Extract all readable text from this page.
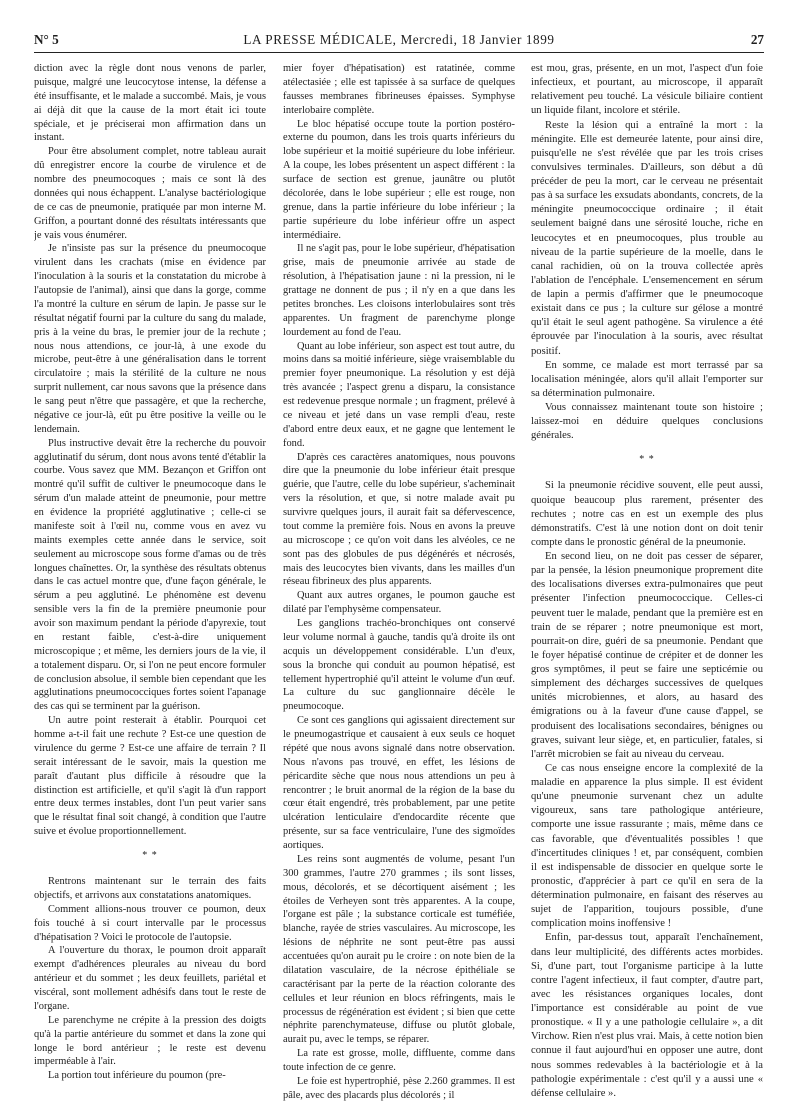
N° 5	LA PRESSE MÉDICALE, Mercredi, 18 Janvier 1899	27

diction avec la règle dont nous venons de parler, puisque, malgré une leucocytose intense, la défense a été insuffisante, et le malade a succombé. Mais, je vous ai déjà dit que la cause de la mort était ici toute spéciale, et je préciserai mon affirmation dans un instant.

Pour être absolument complet, notre tableau aurait dû enregistrer encore la courbe de virulence et de nombre des pneumocoques ; mais ce sont là des données qui nous échappent. L'analyse bactériologique de ce cas de pneumonie, pratiquée par mon interne M. Griffon, a pourtant donné des résultats intéressants que je vais vous énumérer.

Je n'insiste pas sur la présence du pneumocoque virulent dans les crachats (mise en évidence par l'inoculation à la souris et la constatation du microbe à l'autopsie de l'animal), ainsi que dans la gorge, comme l'a montré la culture en sérum de lapin. Je passe sur le résultat négatif fourni par la culture du sang du malade, pris à la veine du bras, le premier jour de la rechute ; nous nous attendions, ce jour-là, à une exode du microbe, peut-être à une généralisation dans le torrent circulatoire ; mais la stérilité de la culture ne nous surprit nullement, car nous savons que la présence dans le sang peut n'être que passagère, et que la recherche, négative ce jour-là, eût pu être positive la veille ou le lendemain.

Plus instructive devait être la recherche du pouvoir agglutinatif du sérum, dont nous avons tenté d'établir la courbe. Vous savez que MM. Bezançon et Griffon ont montré qu'il suffit de cultiver le pneumocoque dans le sérum d'un malade atteint de pneumonie, pour mettre en évidence la propriété agglutinative ; celle-ci se manifeste soit à l'œil nu, comme vous en avez vu maints exemples cette année dans le service, soit seulement au microscope sous forme d'amas ou de très longues chaînettes. Or, la synthèse des résultats obtenus dans le cas actuel montre que, d'une façon générale, le sérum a peu agglutiné. Le phénomène est devenu sensible vers la fin de la première pneumonie pour avoir son maximum pendant la période d'apyrexie, tout en restant faible, c'est-à-dire uniquement microscopique ; et même, les derniers jours de la vie, il a totalement disparu. Or, si l'on ne peut encore formuler de conclusion absolue, il semble bien cependant que les agglutinations pneumococciques fortes soient l'apanage des cas qui se terminent par la guérison.

Un autre point resterait à établir. Pourquoi cet homme a-t-il fait une rechute ? Est-ce une question de virulence du germe ? Est-ce une affaire de terrain ? Il serait intéressant de le savoir, mais la question me paraît d'autant plus difficile à résoudre que la distinction est artificielle, et qu'il s'agit là d'un rapport entre deux termes instables, dont l'un peut varier sans que le résultat final soit changé, à condition que l'autre suive et évolue proportionnellement.

* *

Rentrons maintenant sur le terrain des faits objectifs, et arrivons aux constatations anatomiques.

Comment allions-nous trouver ce poumon, deux fois touché à si court intervalle par le processus d'hépatisation ? Voici le protocole de l'autopsie.

A l'ouverture du thorax, le poumon droit apparaît exempt d'adhérences pleurales au niveau du bord antérieur et du sommet ; les deux feuillets, pariétal et viscéral, sont mollement adhésifs dans tout le reste de l'organe.

Le parenchyme ne crépite à la pression des doigts qu'à la partie antérieure du sommet et dans la zone qui longe le bord antérieur ; le reste est devenu imperméable à l'air.

La portion tout inférieure du poumon (pre-

mier foyer d'hépatisation) est ratatinée, comme atélectasiée ; elle est tapissée à sa surface de quelques fausses membranes fibrineuses épaisses. Symphyse interlobaire complète.

Le bloc hépatisé occupe toute la portion postéro-externe du poumon, dans les trois quarts inférieurs du lobe supérieur et la moitié supérieure du lobe inférieur. A la coupe, les lobes présentent un aspect différent : la surface de section est grenue, jaunâtre ou plutôt décolorée, dans le lobe supérieur ; elle est rouge, non grenue, dans la partie inférieure du lobe inférieur ; la partie supérieure du lobe inférieur offre un aspect intermédiaire.

Il ne s'agit pas, pour le lobe supérieur, d'hépatisation grise, mais de pneumonie arrivée au stade de résolution, à l'hépatisation jaune : ni la pression, ni le grattage ne donnent de pus ; il n'y en a que dans les petites bronches. Les cloisons interlobulaires sont très apparentes. Un fragment de parenchyme plonge lourdement au fond de l'eau.

Quant au lobe inférieur, son aspect est tout autre, du moins dans sa moitié inférieure, siège vraisemblable du premier foyer pneumonique. La résolution y est déjà très avancée ; l'aspect grenu a disparu, la consistance est redevenue presque normale ; un fragment, prélevé à ce niveau et jeté dans un vase rempli d'eau, reste d'abord entre deux eaux, et ne gagne que lentement le fond.

D'après ces caractères anatomiques, nous pouvons dire que la pneumonie du lobe inférieur était presque guérie, que l'autre, celle du lobe supérieur, s'acheminait vers la résolution, et que, si notre malade avait pu survivre quelques jours, il aurait fait sa défervescence, tout comme la première fois. Nous en avons la preuve au microscope ; ce qu'on voit dans les alvéoles, ce ne sont pas des globules de pus dégénérés et nécrosés, mais des leucocytes bien vivants, dans les mailles d'un réseau fibrineux des plus apparents.

Quant aux autres organes, le poumon gauche est dilaté par l'emphysème compensateur.

Les ganglions trachéo-bronchiques ont conservé leur volume normal à gauche, tandis qu'à droite ils ont acquis un développement considérable. L'un d'eux, sous la bronche qui conduit au poumon hépatisé, est tellement hypertrophié qu'il atteint le volume d'un œuf. La culture du suc ganglionnaire décèle le pneumocoque.

Ce sont ces ganglions qui agissaient directement sur le pneumogastrique et causaient à eux seuls ce hoquet répété que nous avons signalé dans notre observation. Nous n'avons pas trouvé, en effet, les lésions de péricardite sèche que nous nous attendions un peu à rencontrer ; le bruit anormal de la région de la base du cœur était engendré, très probablement, par une petite ulcération lenticulaire d'endocardite récente que présente, sur sa face ventriculaire, l'une des sigmoïdes aortiques.

Les reins sont augmentés de volume, pesant l'un 300 grammes, l'autre 270 grammes ; ils sont lisses, mous, décolorés, et se décortiquent aisément ; les étoiles de Verheyen sont très apparentes. A la coupe, l'organe est pâle ; la substance corticale est tuméfiée, blanche, rayée de stries vasculaires. Au microscope, les lésions de néphrite ne sont peut-être pas aussi accentuées qu'on aurait pu le croire : on note bien de la dilatation vasculaire, de la nécrose épithéliale se caractérisant par la perte de la réaction colorante des cellules et leur réunion en blocs réfringents, mais le processus de régénération est évident ; si bien que cette néphrite parenchymateuse, diffuse ou plutôt globale, aurait pu, avec le temps, se réparer.

La rate est grosse, molle, diffluente, comme dans toute infection de ce genre.

Le foie est hypertrophié, pèse 2.260 grammes. Il est pâle, avec des placards plus décolorés ; il

est mou, gras, présente, en un mot, l'aspect d'un foie infectieux, et pourtant, au microscope, il apparaît relativement peu touché. La vésicule biliaire contient un liquide filant, incolore et stérile.

Reste la lésion qui a entraîné la mort : la méningite. Elle est demeurée latente, pour ainsi dire, puisqu'elle ne s'est révélée que par les trois crises convulsives terminales. D'ailleurs, son début a dû précéder de peu la mort, car le cerveau ne présentait pas à sa surface les exsudats abondants, concrets, de la méningite pneumococcique ordinaire ; il était seulement baigné dans une sérosité louche, riche en leucocytes et en pneumocoques, plus trouble au niveau de la partie supérieure de la moelle, dans le canal rachidien, où on la trouva collectée après l'ablation de l'encéphale. L'ensemencement en sérum de lapin a permis d'affirmer que le pneumocoque existait dans ce pus ; la culture sur gélose a montré qu'il était le seul agent pathogène. Sa virulence a été éprouvée par l'inoculation à la souris, avec résultat positif.

En somme, ce malade est mort terrassé par sa localisation méningée, alors qu'il allait l'emporter sur sa détermination pulmonaire.

Vous connaissez maintenant toute son histoire ; laissez-moi en déduire quelques conclusions générales.

* *

Si la pneumonie récidive souvent, elle peut aussi, quoique beaucoup plus rarement, présenter des rechutes ; notre cas en est un exemple des plus démonstratifs. C'est là une notion dont on doit tenir compte dans le pronostic général de la pneumonie.

En second lieu, on ne doit pas cesser de séparer, par la pensée, la lésion pneumonique proprement dite des localisations diverses extra-pulmonaires que peut présenter l'infection pneumococcique. Celles-ci peuvent tuer le malade, pendant que la première est en train de se réparer ; notre pneumonique est mort, pourrait-on dire, guéri de sa pneumonie. Pendant que le foyer hépatisé continue de crépiter et de donner les gros symptômes, il peut se faire une septicémie ou simplement des décharges successives de quelques unités microbiennes, et alors, au hasard des émigrations ou à la faveur d'une cause d'appel, se produisent des localisations secondaires, bénignes ou graves, suivant leur siège, et, en particulier, fatales, si l'arrêt microbien se fait au niveau du cerveau.

Ce cas nous enseigne encore la complexité de la maladie en apparence la plus simple. Il est évident qu'une pneumonie survenant chez un adulte vigoureux, sans tare pathologique antérieure, comporte une issue rassurante ; mais, même dans ce cas favorable, que d'éventualités possibles ! que d'incertitudes cliniques ! et, par conséquent, combien il est indispensable de dissocier en quelque sorte le pronostic, d'apprécier à part ce qu'il en sera de la détermination pulmonaire, en faisant des réserves au sujet de l'apparition, toujours possible, d'une complication moins inoffensive !

Enfin, par-dessus tout, apparaît l'enchaînement, dans leur multiplicité, des différents actes morbides. Si, d'une part, tout l'organisme participe à la lutte contre l'agent infectieux, il faut compter, d'autre part, avec les résistances organiques locales, dont l'importance est considérable au point de vue pronostique. « Il y a une pathologie cellulaire », a dit Virchow. Rien n'est plus vrai. Mais, à cette notion bien connue il faut aujourd'hui en opposer une autre, dont nous sommes redevables à la bactériologie et à la pathologie expérimentale : c'est qu'il y a aussi une « défense cellulaire ».
